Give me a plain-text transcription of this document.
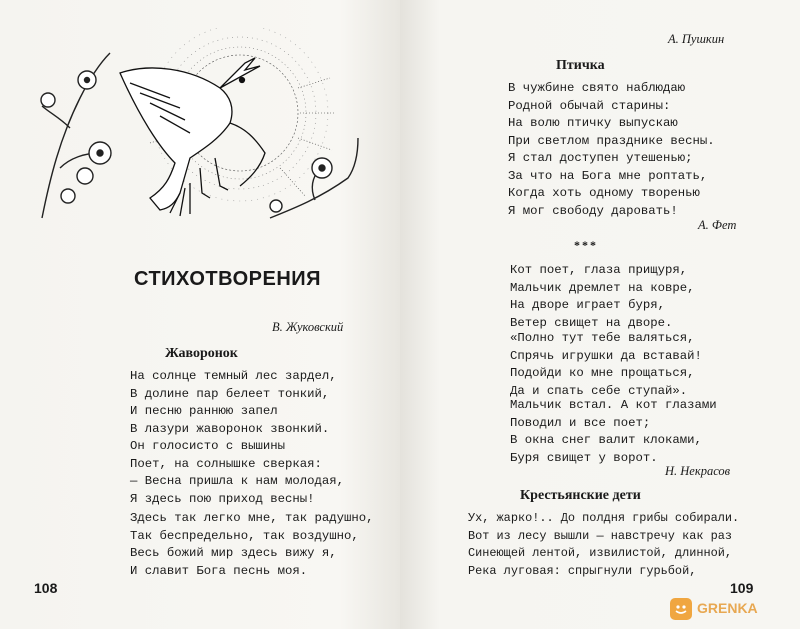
СТИХОТВОРЕНИЯ
В. Жуковский
Жаворонок
На солнце темный лес зардел,
В долине пар белеет тонкий,
И песню раннюю запел
В лазури жаворонок звонкий.
Он голосисто с вышины
Поет, на солнышке сверкая:
— Весна пришла к нам молодая,
Я здесь пою приход весны!
Здесь так легко мне, так радушно,
Так беспредельно, так воздушно,
Весь божий мир здесь вижу я,
И славит Бога песнь моя.
108
А. Пушкин
Птичка
В чужбине свято наблюдаю
Родной обычай старины:
На волю птичку выпускаю
При светлом празднике весны.
Я стал доступен утешенью;
За что на Бога мне роптать,
Когда хоть одному творенью
Я мог свободу даровать!
А. Фет
***
Кот поет, глаза прищуря,
Мальчик дремлет на ковре,
На дворе играет буря,
Ветер свищет на дворе.
«Полно тут тебе валяться,
Спрячь игрушки да вставай!
Подойди ко мне прощаться,
Да и спать себе ступай».
Мальчик встал. А кот глазами
Поводил и все поет;
В окна снег валит клоками,
Буря свищет у ворот.
Н. Некрасов
Крестьянские дети
Ух, жарко!.. До полдня грибы собирали.
Вот из лесу вышли — навстречу как раз
Синеющей лентой, извилистой, длинной,
Река луговая: спрыгнули гурьбой,
109
GRENKA
